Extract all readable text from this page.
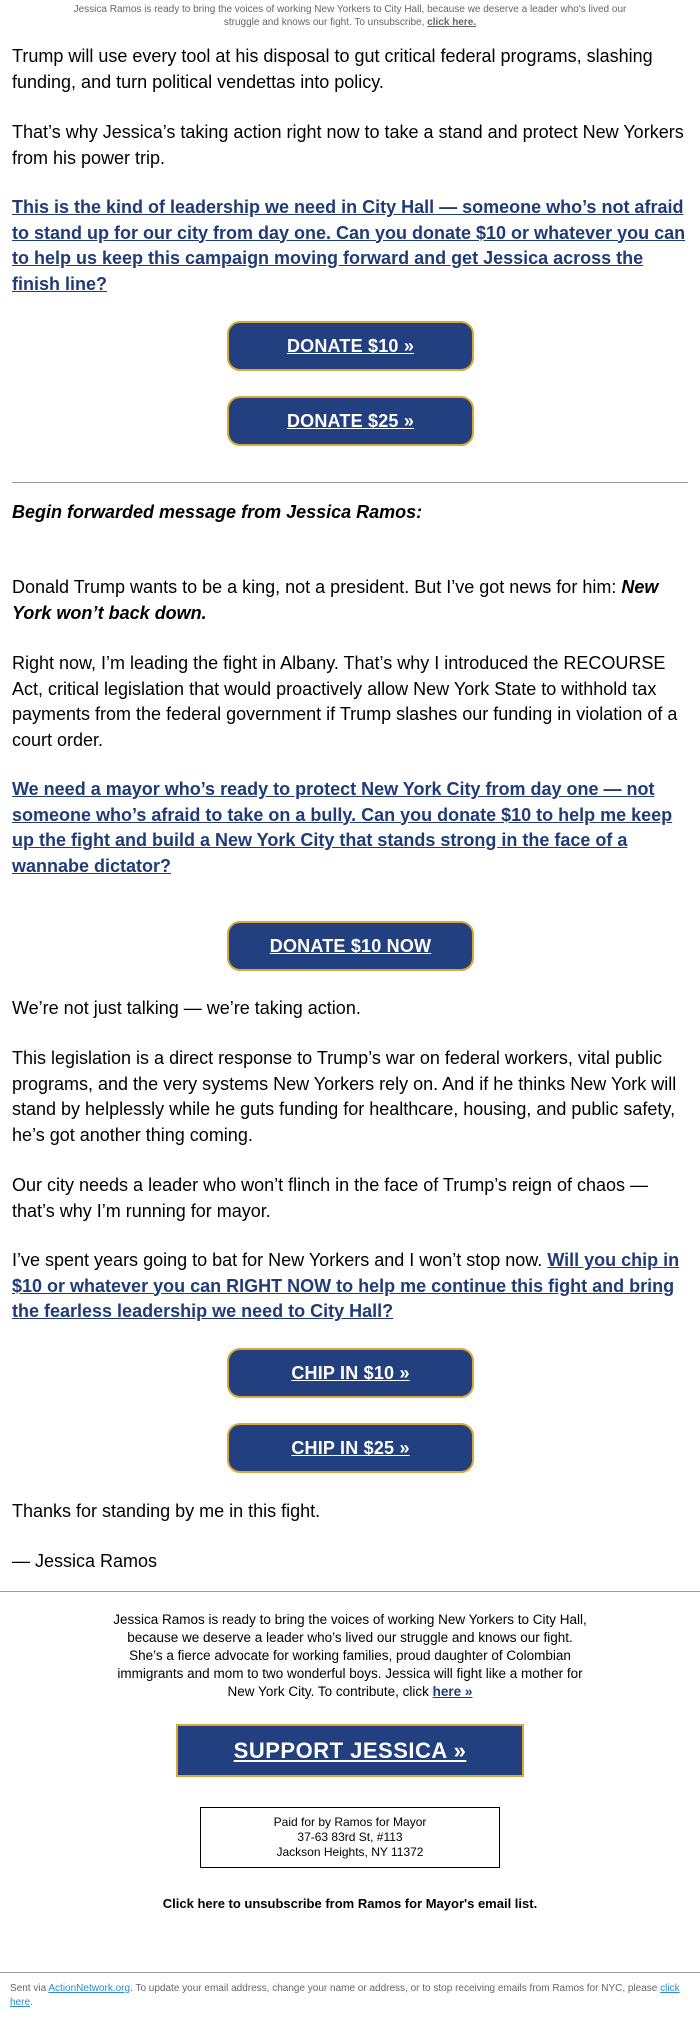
Jessica Ramos is ready to bring the voices of working New Yorkers to City Hall, because we deserve a leader who's lived our struggle and knows our fight. To unsubscribe, click here.

Trump will use every tool at his disposal to gut critical federal programs, slashing funding, and turn political vendettas into policy.

That’s why Jessica’s taking action right now to take a stand and protect New Yorkers from his power trip.

This is the kind of leadership we need in City Hall — someone who’s not afraid to stand up for our city from day one. Can you donate $10 or whatever you can to help us keep this campaign moving forward and get Jessica across the finish line?
DONATE $10 »
DONATE $25 »

Begin forwarded message from Jessica Ramos:

Donald Trump wants to be a king, not a president. But I’ve got news for him: New York won’t back down.

Right now, I’m leading the fight in Albany. That’s why I introduced the RECOURSE Act, critical legislation that would proactively allow New York State to withhold tax payments from the federal government if Trump slashes our funding in violation of a court order.

We need a mayor who’s ready to protect New York City from day one — not someone who’s afraid to take on a bully. Can you donate $10 to help me keep up the fight and build a New York City that stands strong in the face of a wannabe dictator?
DONATE $10 NOW

We’re not just talking — we’re taking action.

This legislation is a direct response to Trump’s war on federal workers, vital public programs, and the very systems New Yorkers rely on. And if he thinks New York will stand by helplessly while he guts funding for healthcare, housing, and public safety, he’s got another thing coming.

Our city needs a leader who won’t flinch in the face of Trump’s reign of chaos — that’s why I’m running for mayor.

I’ve spent years going to bat for New Yorkers and I won’t stop now. Will you chip in $10 or whatever you can RIGHT NOW to help me continue this fight and bring the fearless leadership we need to City Hall?

CHIP IN $10 »
CHIP IN $25 »

Thanks for standing by me in this fight.

— Jessica Ramos

Jessica Ramos is ready to bring the voices of working New Yorkers to City Hall, because we deserve a leader who’s lived our struggle and knows our fight. She’s a fierce advocate for working families, proud daughter of Colombian immigrants and mom to two wonderful boys. Jessica will fight like a mother for New York City. To contribute, click here »
SUPPORT JESSICA »
Paid for by Ramos for Mayor
37-63 83rd St, #113
Jackson Heights, NY 11372
Click here to unsubscribe from Ramos for Mayor's email list.
Sent via ActionNetwork.org. To update your email address, change your name or address, or to stop receiving emails from Ramos for NYC, please click here.
